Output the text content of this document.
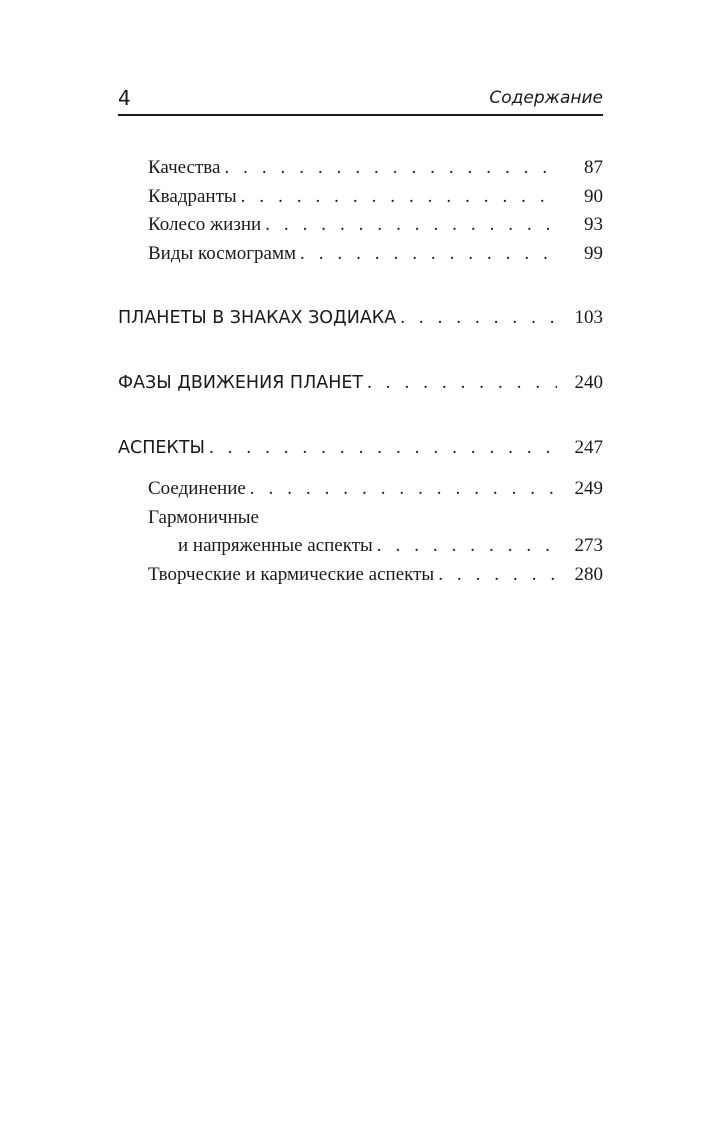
4	Содержание
Качества . . .	87
Квадранты . . .	90
Колесо жизни . . .	93
Виды космограмм . . .	99
ПЛАНЕТЫ В ЗНАКАХ ЗОДИАКА . . .	103
ФАЗЫ ДВИЖЕНИЯ ПЛАНЕТ . . .	240
АСПЕКТЫ . . .	247
Соединение . . .	249
Гармоничные
и напряженные аспекты . . .	273
Творческие и кармические аспекты . . .	280
